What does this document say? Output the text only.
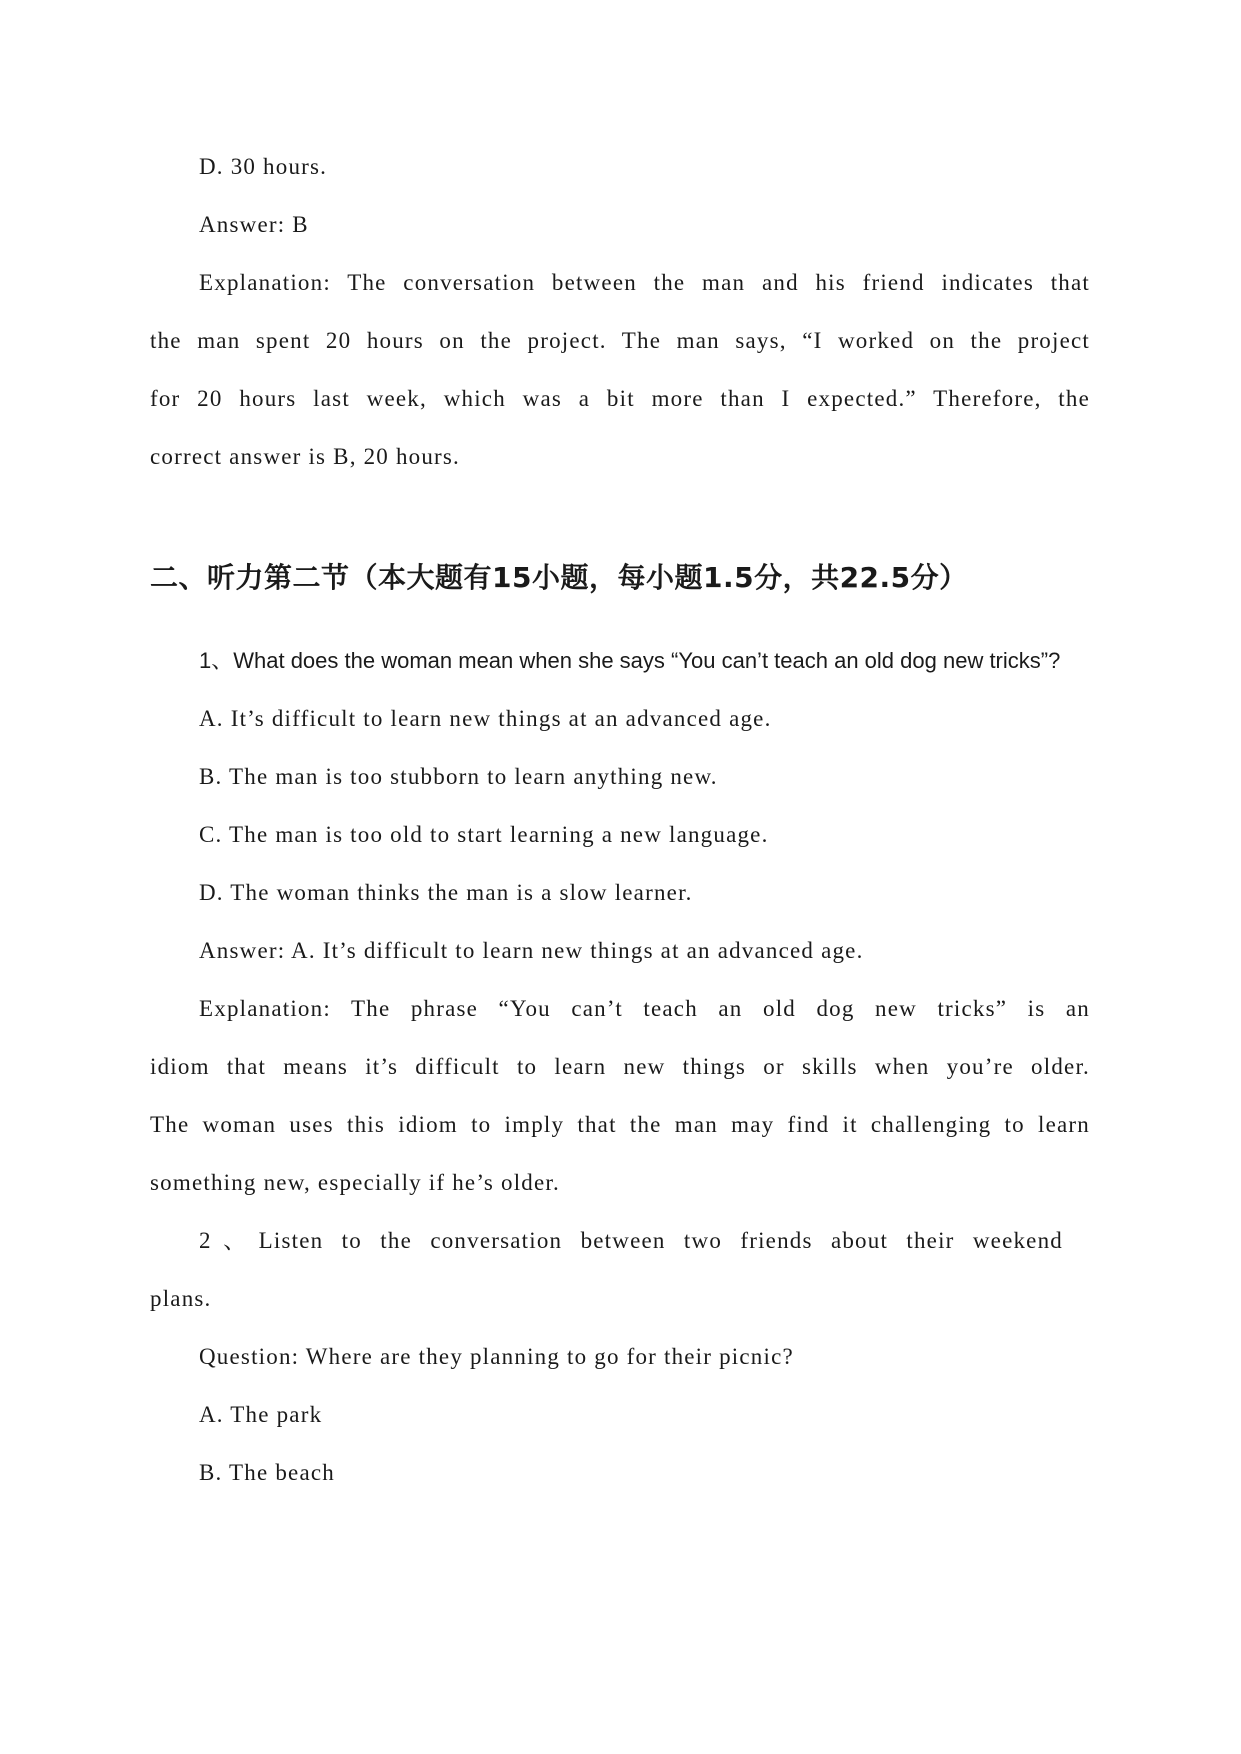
D. 30 hours.

Answer: B

Explanation: The conversation between the man and his friend indicates that

the man spent 20 hours on the project. The man says, “I worked on the project

for 20 hours last week, which was a bit more than I expected.” Therefore, the

correct answer is B, 20 hours.

二、听力第二节（本大题有15小题，每小题1.5分，共22.5分）

1、What does the woman mean when she says “You can’t teach an old dog new tricks”?

A. It’s difficult to learn new things at an advanced age.

B. The man is too stubborn to learn anything new.

C. The man is too old to start learning a new language.

D. The woman thinks the man is a slow learner.

Answer: A. It’s difficult to learn new things at an advanced age.

Explanation: The phrase “You can’t teach an old dog new tricks” is an

idiom that means it’s difficult to learn new things or skills when you’re older.

The woman uses this idiom to imply that the man may find it challenging to learn

something new, especially if he’s older.

2、Listen to the conversation between two friends about their weekend

plans.

Question: Where are they planning to go for their picnic?

A. The park

B. The beach
